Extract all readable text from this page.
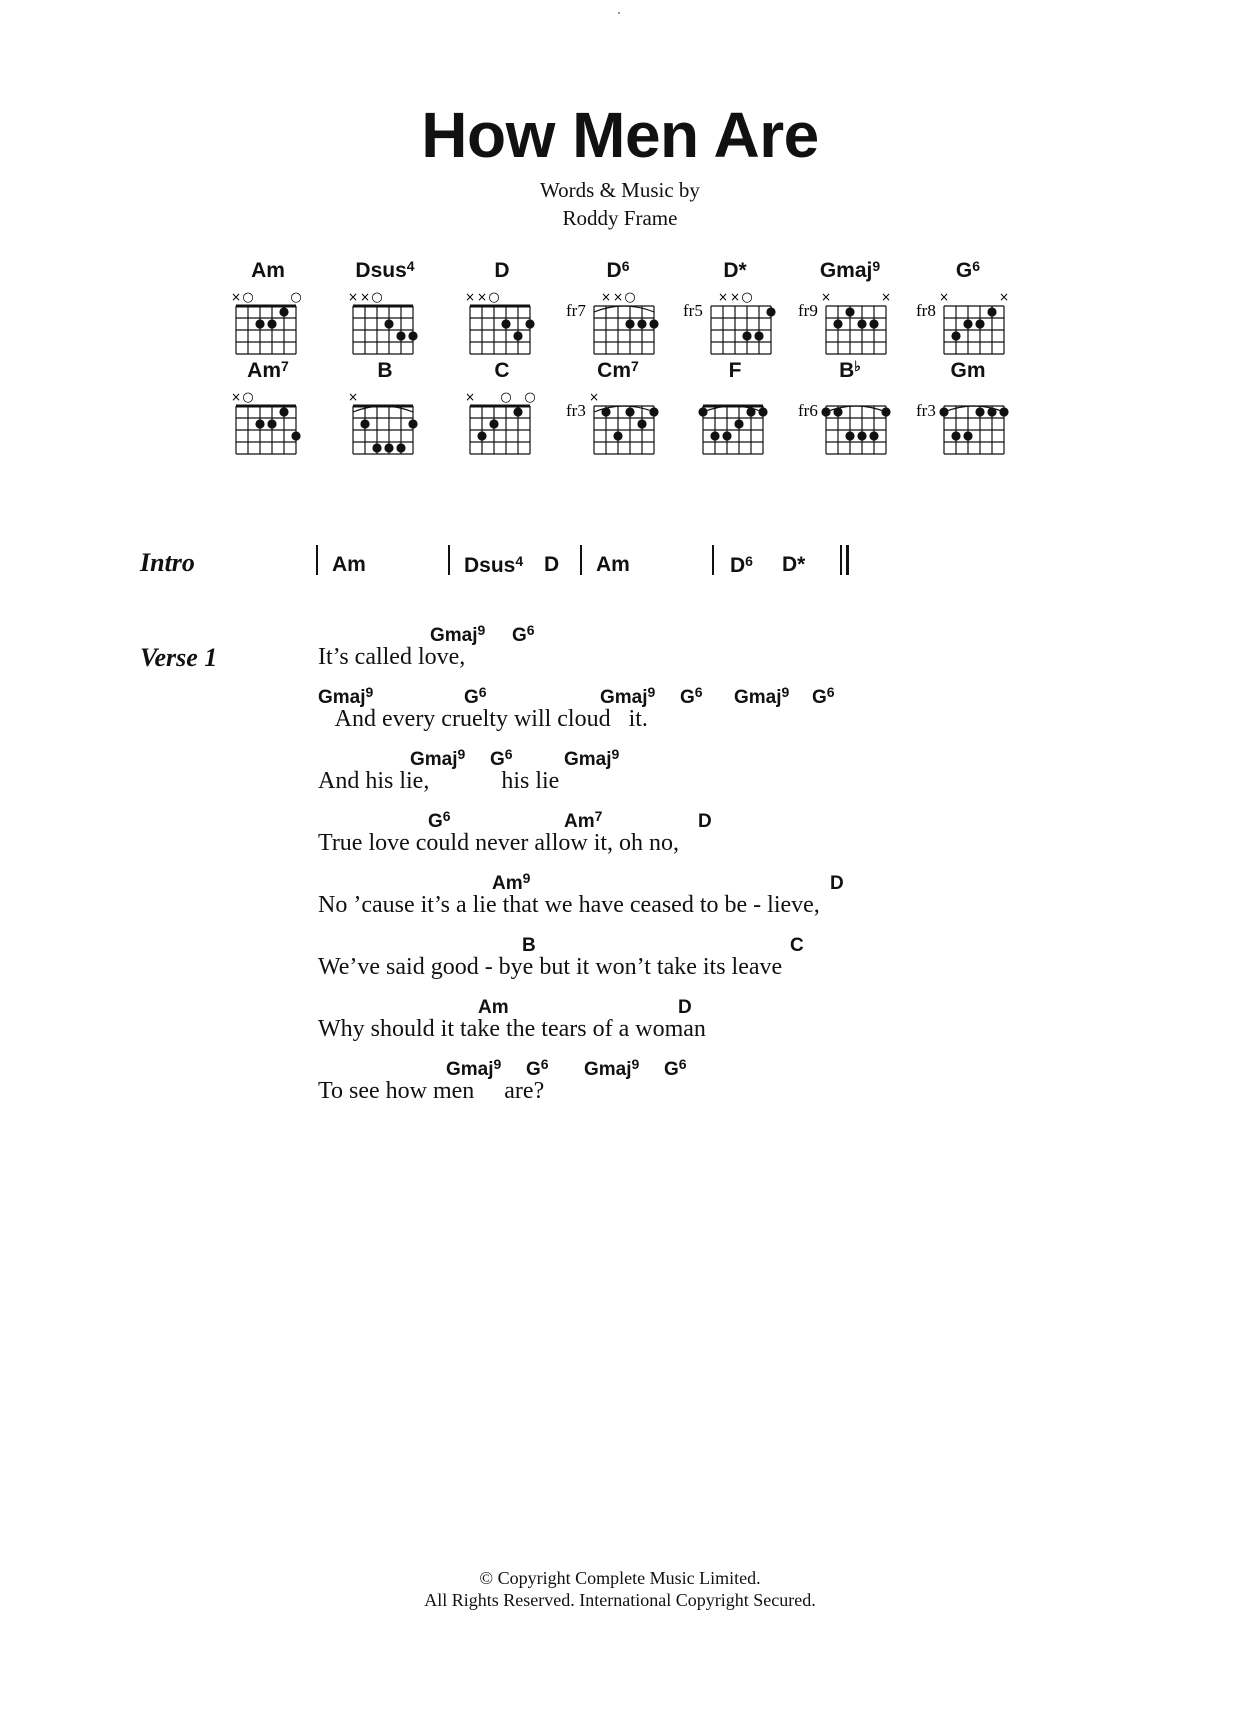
How Men Are
Words & Music by
Roddy Frame
Am
× ○	○
Dsus$^4$
× × ○
D
× × ○
$D^6$
fr7
× × ○
D*
fr5
× × ○
Gmaj$^9$
fr9
×	×
$G^6$
fr8
×	×
$Am^7$
× ○
B
×
C
× ○ ○
Cm$^7$
fr3
×
F	B♭
fr6
Gm
fr3
Intro	Am	Dsus$^4$ D Am	$D^6$ D*
Verse 1
Gmaj$^9$ $G^6$
It’s called love,
Gmaj$^9$	$G^6$	Gmaj$^9$ $G^6$ Gmaj$^9$ $G^6$
And every cruelty will cloud   it.
Gmaj$^9$ $G^6$	Gmaj$^9$
And his lie,            his lie
$G^6$	Am$^7$	D
True love could never allow it, oh no,
Am$^9$	D
No ’cause it’s a lie that we have ceased to be - lieve,
B	C
We’ve said good - bye but it won’t take its leave
Am	D
Why should it take the tears of a woman
Gmaj$^9$ $G^6$ Gmaj$^9$ $G^6$
To see how men     are?
© Copyright Complete Music Limited.
All Rights Reserved. International Copyright Secured.
